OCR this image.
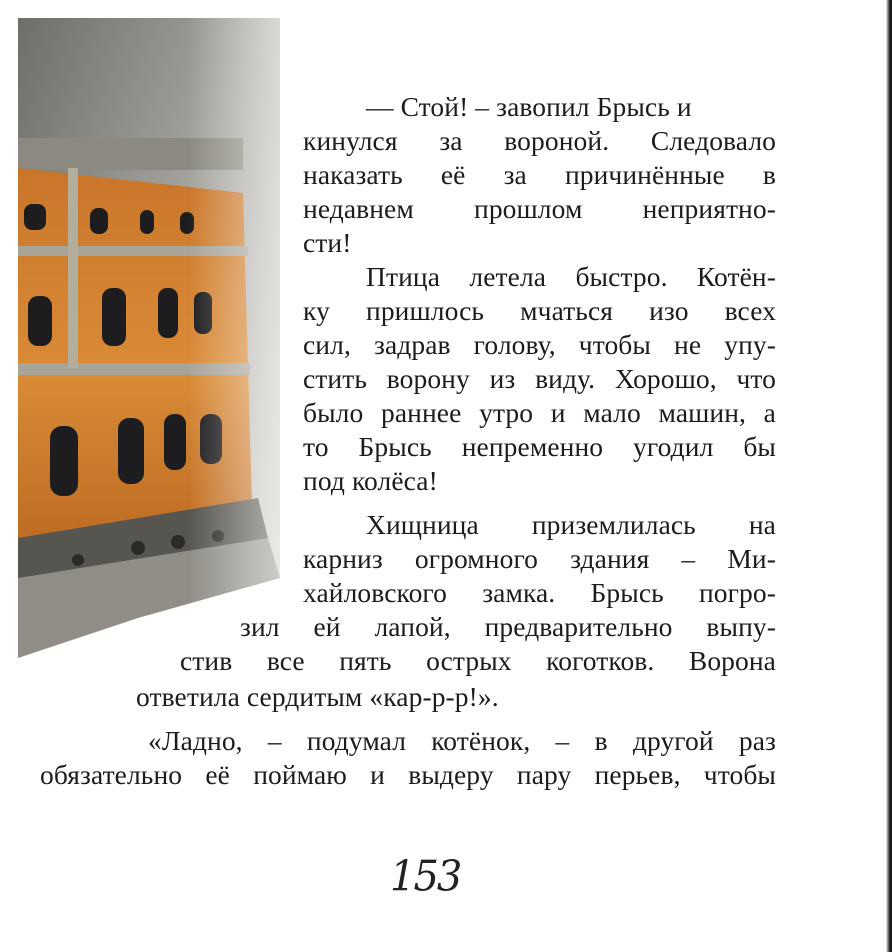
— Стой! – завопил Брысь и
кинулся за вороной. Следовало
наказать её за причинённые в
недавнем прошлом неприятно-
сти!
Птица летела быстро. Котён-
ку пришлось мчаться изо всех
сил, задрав голову, чтобы не упу-
стить ворону из виду. Хорошо, что
было раннее утро и мало машин, а
то Брысь непременно угодил бы
под колёса!
Хищница приземлилась на
карниз огромного здания – Ми-
хайловского замка. Брысь погро-
зил ей лапой, предварительно выпу-
стив все пять острых коготков. Ворона
ответила сердитым «кар-р-р!».
«Ладно, – подумал котёнок, – в другой раз
обязательно её поймаю и выдеру пару перьев, чтобы
153
